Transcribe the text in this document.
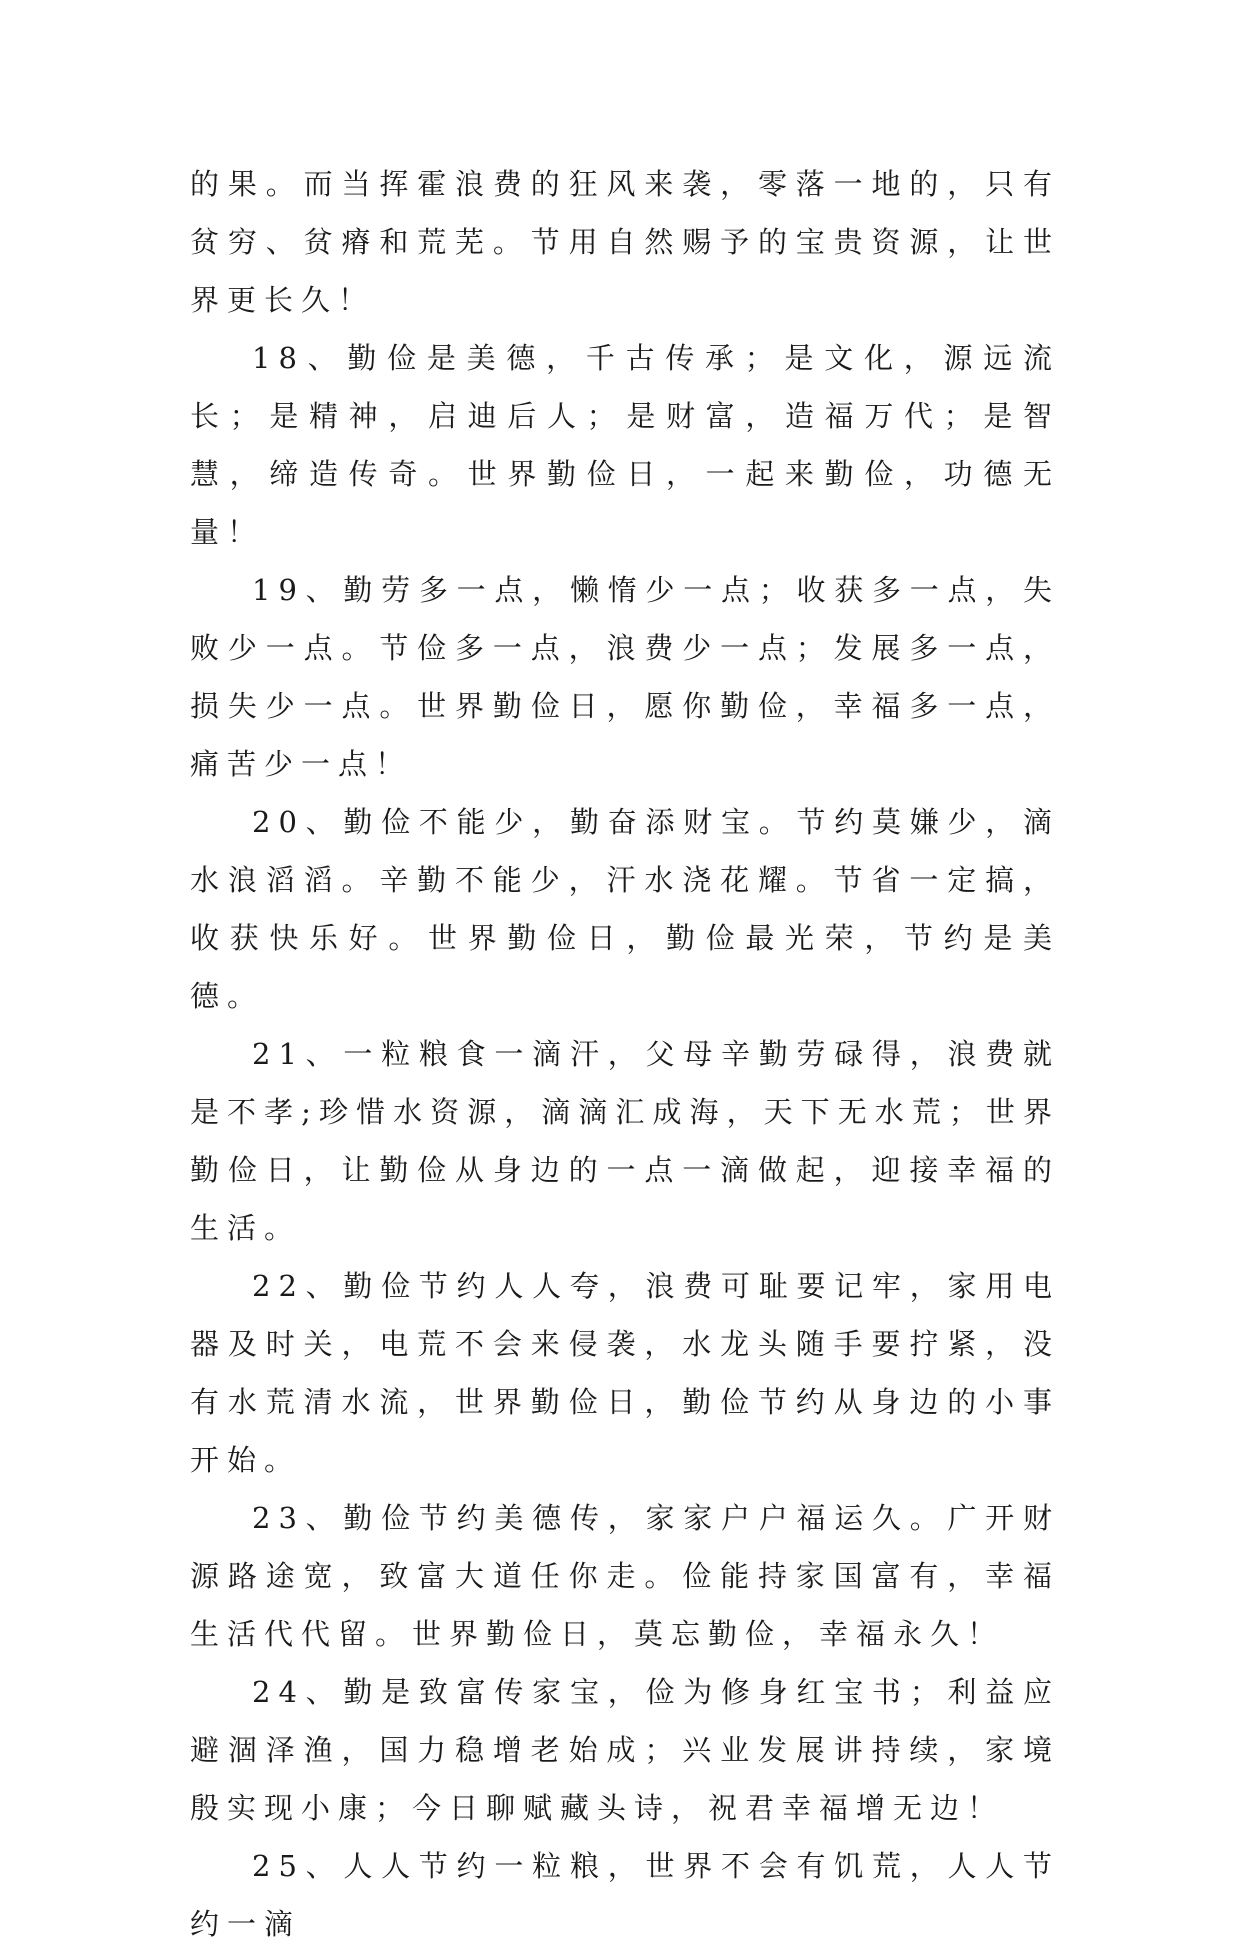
的果。而当挥霍浪费的狂风来袭，零落一地的，只有贫穷、贫瘠和荒芜。节用自然赐予的宝贵资源，让世界更长久！

18、勤俭是美德，千古传承；是文化，源远流长；是精神，启迪后人；是财富，造福万代；是智慧，缔造传奇。世界勤俭日，一起来勤俭，功德无量！

19、勤劳多一点，懒惰少一点；收获多一点，失败少一点。节俭多一点，浪费少一点；发展多一点，损失少一点。世界勤俭日，愿你勤俭，幸福多一点，痛苦少一点！

20、勤俭不能少，勤奋添财宝。节约莫嫌少，滴水浪滔滔。辛勤不能少，汗水浇花耀。节省一定搞，收获快乐好。世界勤俭日，勤俭最光荣，节约是美德。

21、一粒粮食一滴汗，父母辛勤劳碌得，浪费就是不孝;珍惜水资源，滴滴汇成海，天下无水荒；世界勤俭日，让勤俭从身边的一点一滴做起，迎接幸福的生活。

22、勤俭节约人人夸，浪费可耻要记牢，家用电器及时关，电荒不会来侵袭，水龙头随手要拧紧，没有水荒清水流，世界勤俭日，勤俭节约从身边的小事开始。

23、勤俭节约美德传，家家户户福运久。广开财源路途宽，致富大道任你走。俭能持家国富有，幸福生活代代留。世界勤俭日，莫忘勤俭，幸福永久！

24、勤是致富传家宝，俭为修身红宝书；利益应避涸泽渔，国力稳增老始成；兴业发展讲持续，家境殷实现小康；今日聊赋藏头诗，祝君幸福增无边！

25、人人节约一粒粮，世界不会有饥荒，人人节约一滴
